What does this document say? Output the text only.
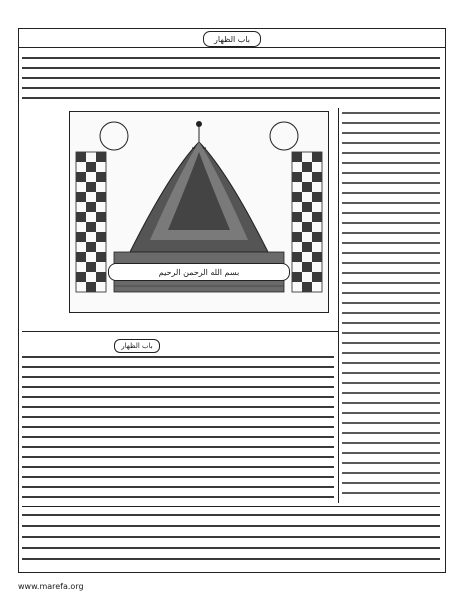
باب الظهار
بسم الله الرحمن الرحيم
باب الظهار
www.marefa.org
